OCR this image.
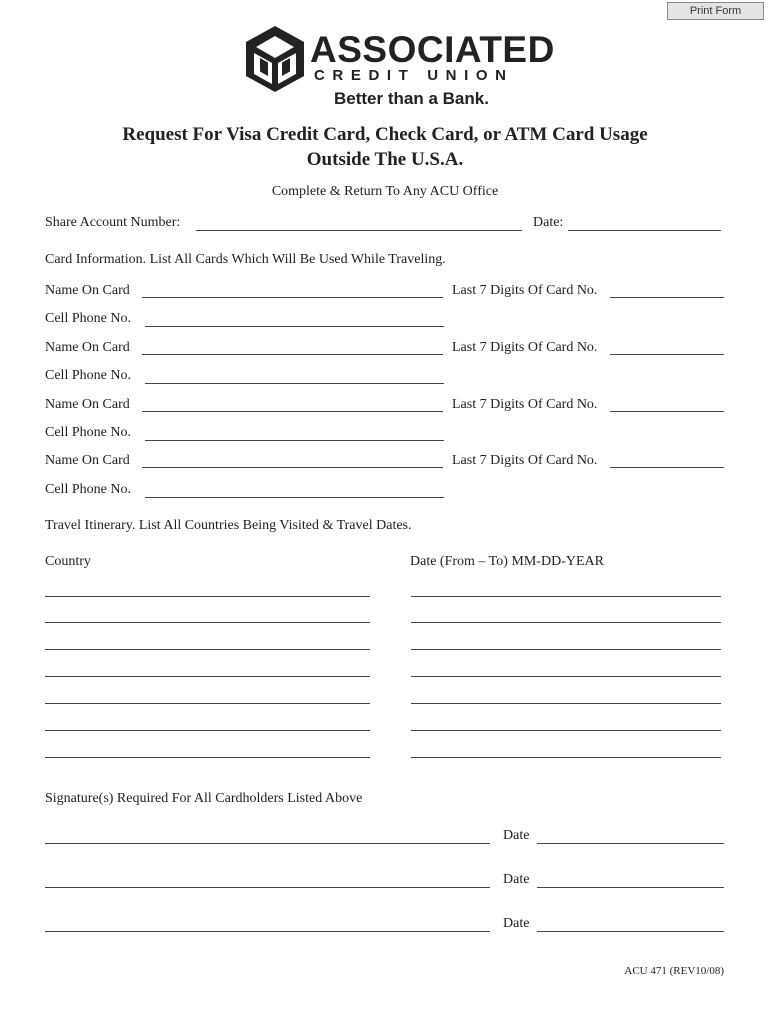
Print Form
ASSOCIATED
CREDIT UNION
Better than a Bank.
Request For Visa Credit Card, Check Card, or ATM Card Usage
Outside The U.S.A.
Complete & Return To Any ACU Office
Share Account Number:	Date:
Card Information. List All Cards Which Will Be Used While Traveling.
Name On Card	Last 7 Digits Of Card No.
Cell Phone No.
Name On Card	Last 7 Digits Of Card No.
Cell Phone No.
Name On Card	Last 7 Digits Of Card No.
Cell Phone No.
Name On Card	Last 7 Digits Of Card No.
Cell Phone No.
Travel Itinerary. List All Countries Being Visited & Travel Dates.
Country	Date (From – To) MM-DD-YEAR
Signature(s) Required For All Cardholders Listed Above
Date
Date
Date
ACU 471 (REV10/08)
